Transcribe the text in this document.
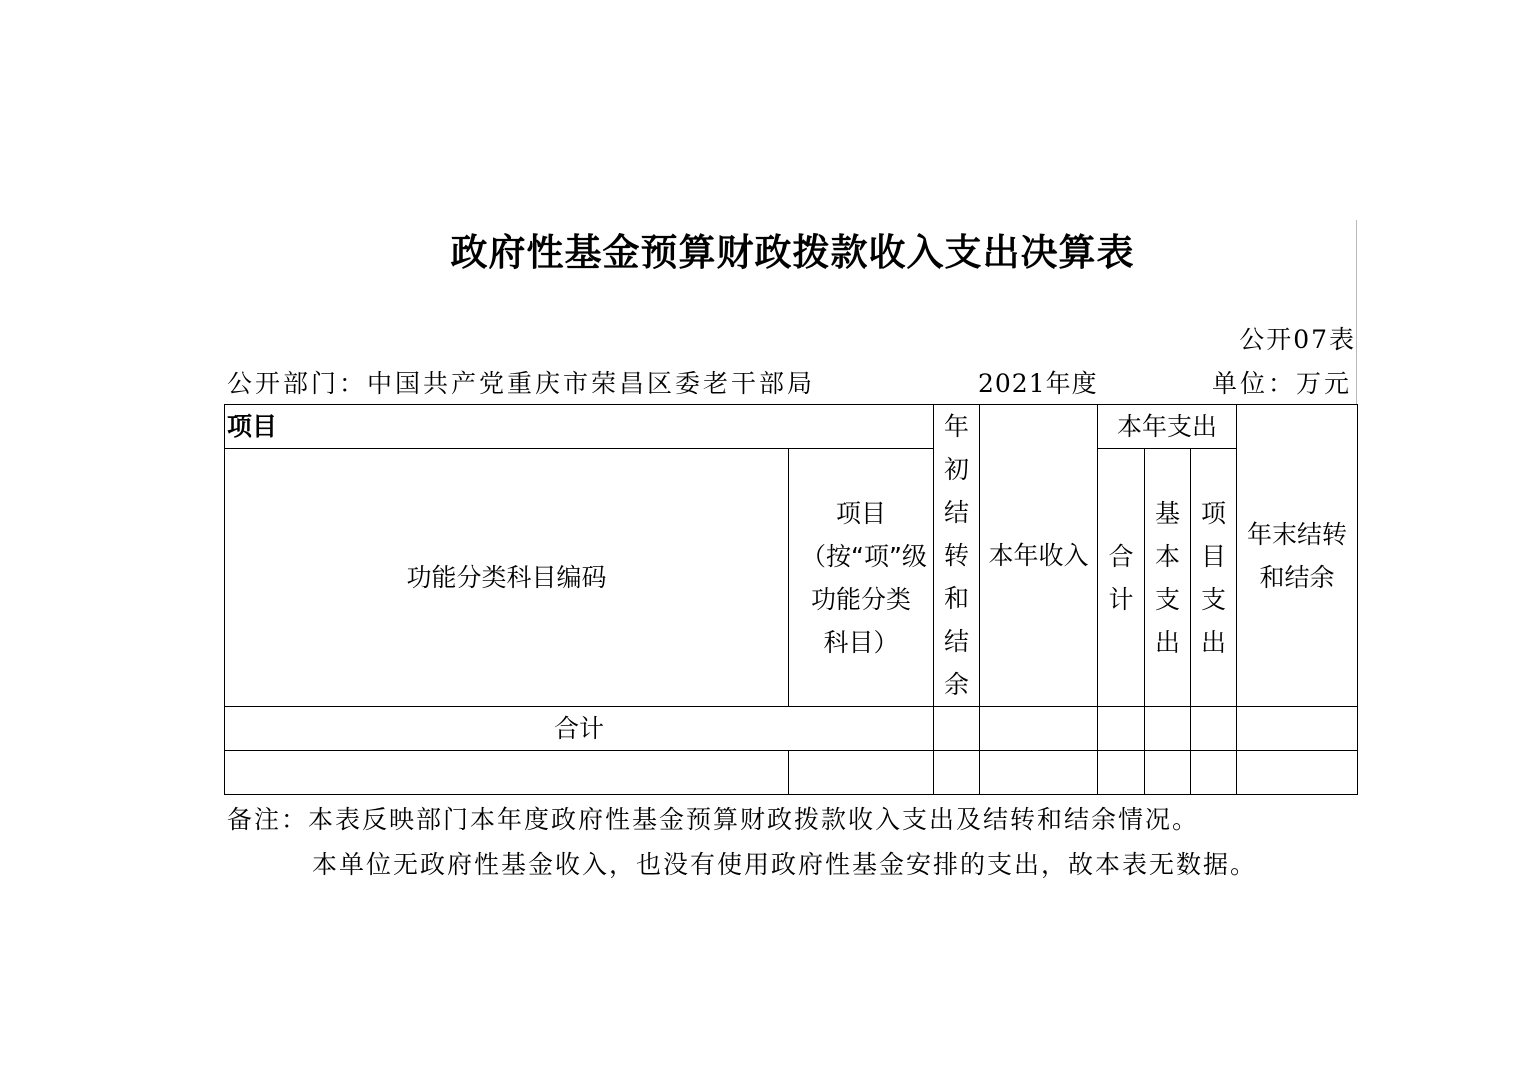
政府性基金预算财政拨款收入支出决算表
公开07表
公开部门：中国共产党重庆市荣昌区委老干部局	2021年度	单位：万元
项目		年初结转和结余	本年收入	本年支出			年末结转和结余
功能分类科目编码	项目（按“项”级功能分类科目）			合计	基本支出	项目支出	
合计							

备注：本表反映部门本年度政府性基金预算财政拨款收入支出及结转和结余情况。
本单位无政府性基金收入，也没有使用政府性基金安排的支出，故本表无数据。
